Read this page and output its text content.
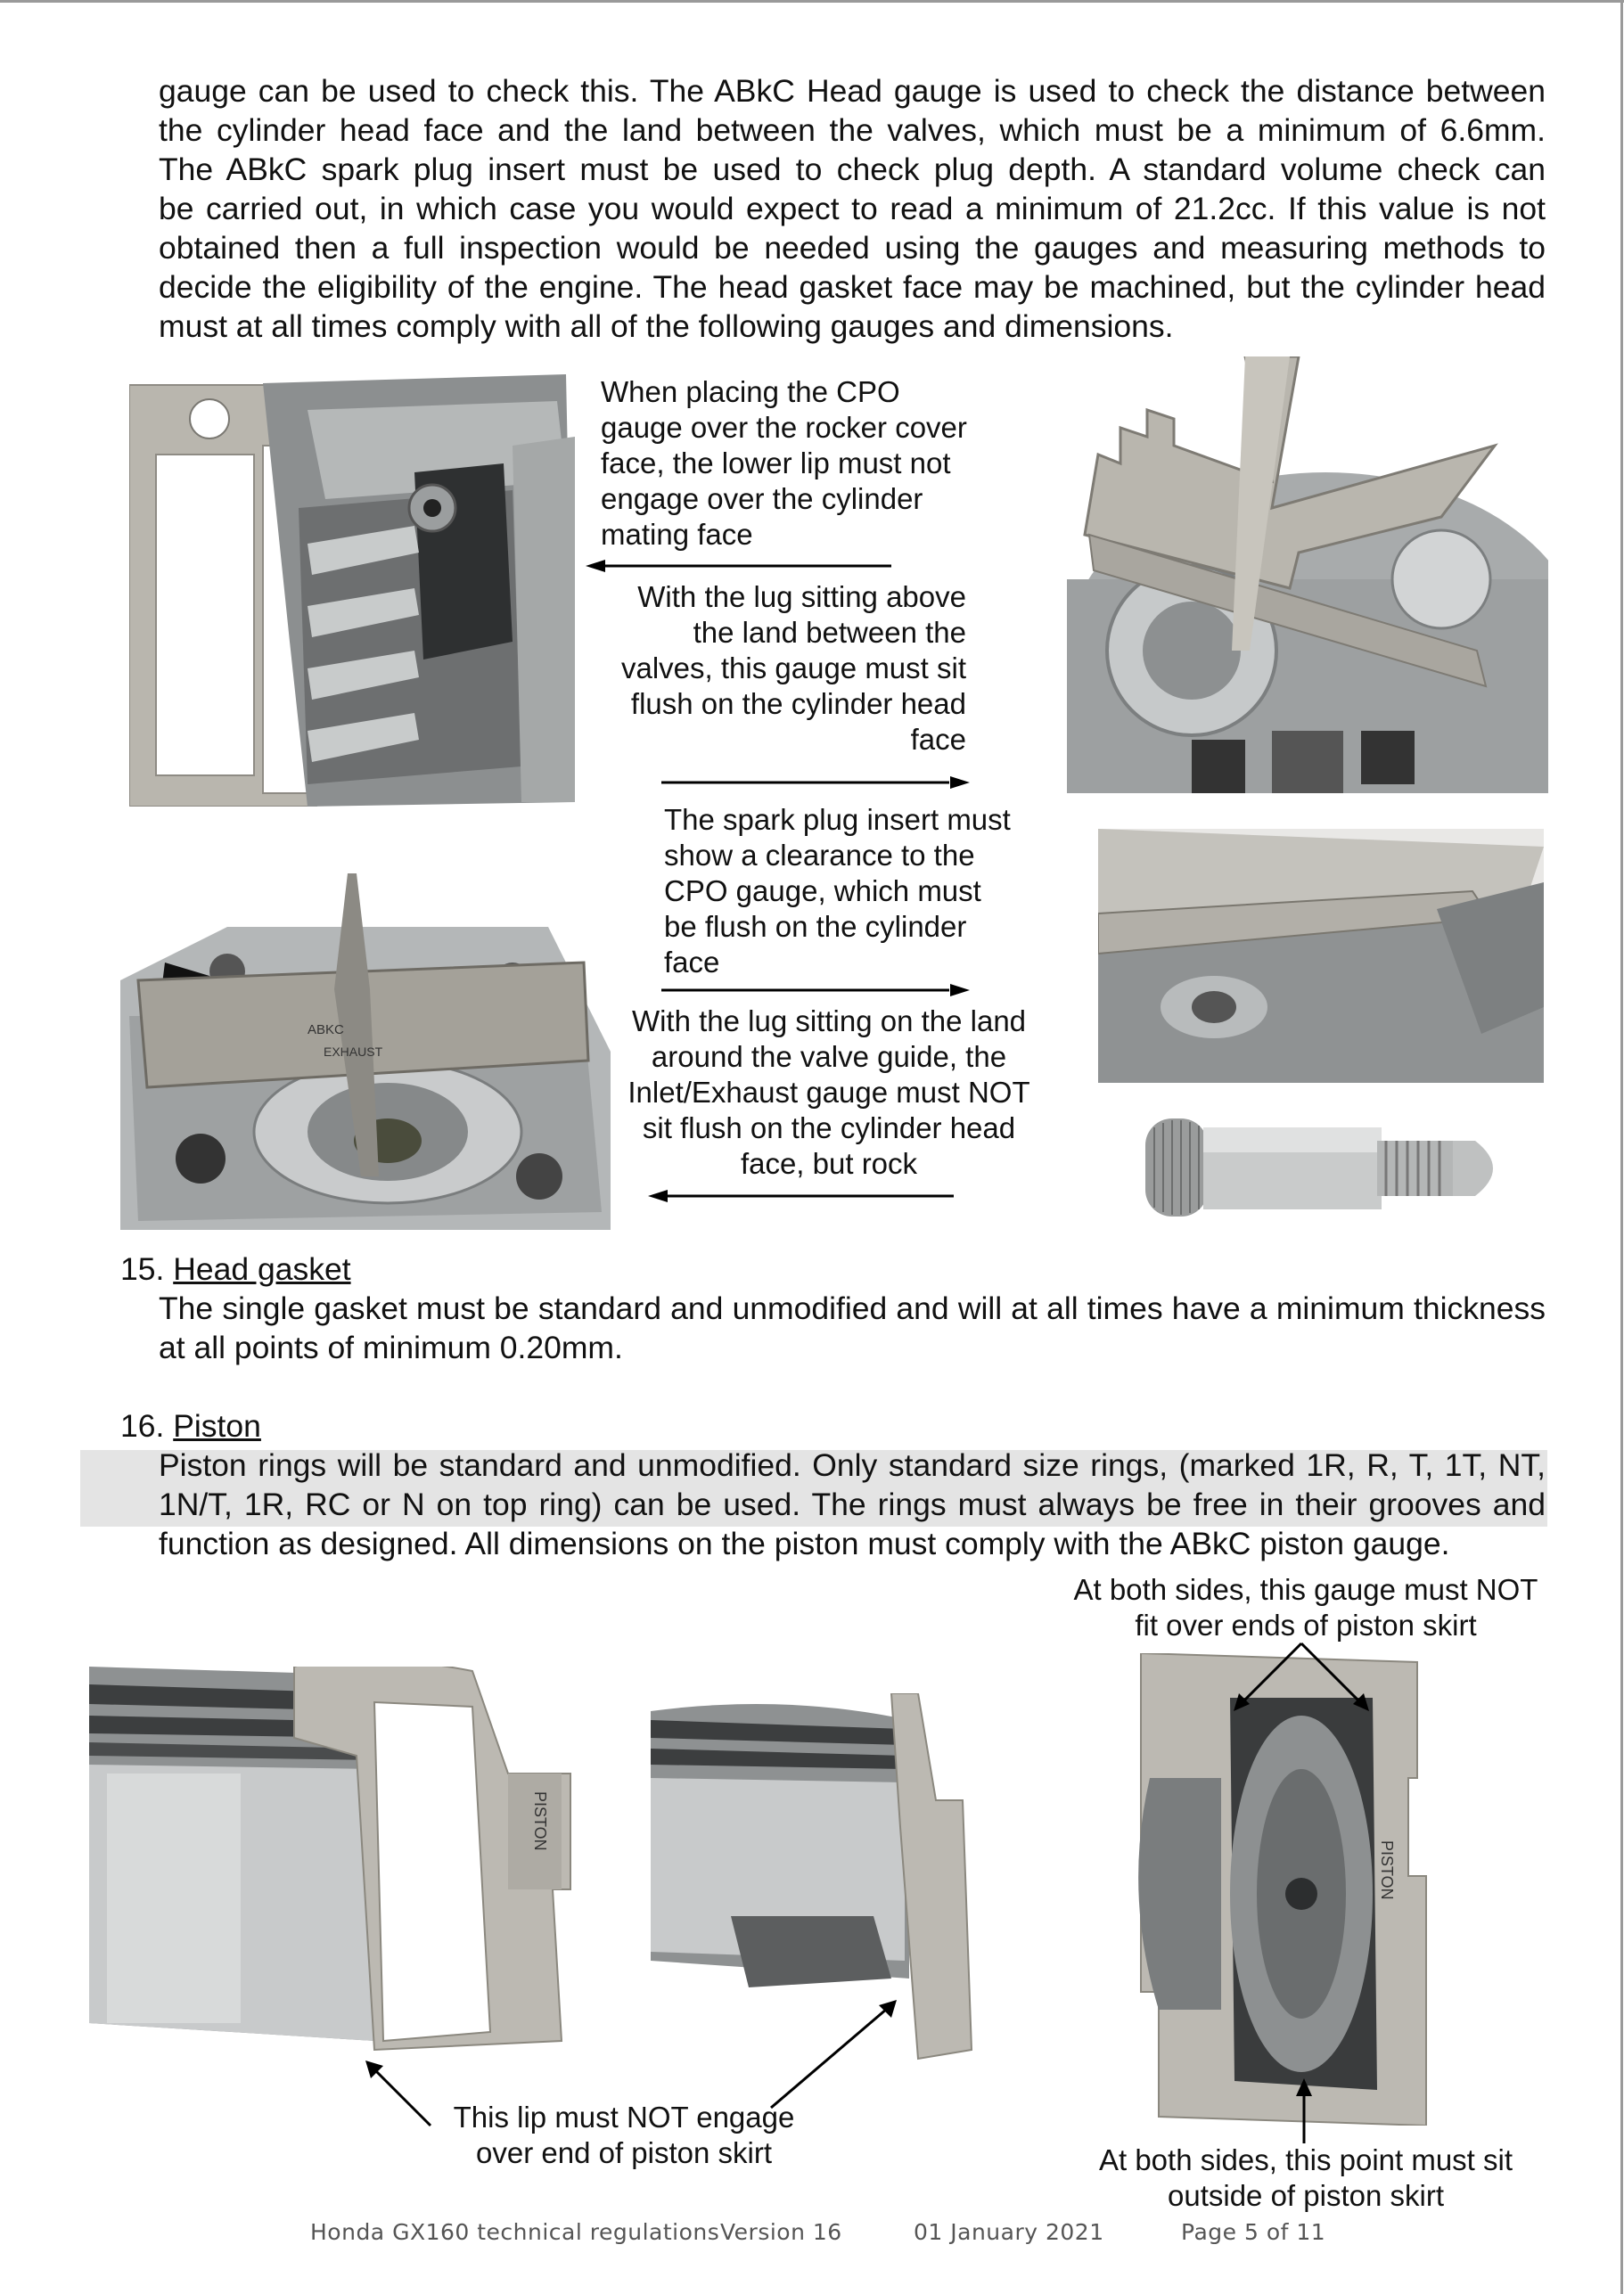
gauge can be used to check this. The ABkC Head gauge is used to check the distance between
the cylinder head face and the land between the valves, which must be a minimum of 6.6mm.
The ABkC spark plug insert must be used to check plug depth. A standard volume check can
be carried out, in which case you would expect to read a minimum of 21.2cc. If this value is not
obtained then a full inspection would be needed using the gauges and measuring methods to
decide the eligibility of the engine. The head gasket face may be machined, but the cylinder head
must at all times comply with all of the following gauges and dimensions.
ABKC
EXHAUST
When placing the CPO
gauge over the rocker cover
face, the lower lip must not
engage over the cylinder
mating face
With the lug sitting above
the land between the
valves, this gauge must sit
flush on the cylinder head
face
The spark plug insert must
show a clearance to the
CPO gauge, which must
be flush on the cylinder
face
With the lug sitting on the land
around the valve guide, the
Inlet/Exhaust gauge must NOT
sit flush on the cylinder head
face, but rock
15. Head gasket
The single gasket must be standard and unmodified and will at all times have a minimum thickness
at all points of minimum 0.20mm.
16. Piston
Piston rings will be standard and unmodified. Only standard size rings, (marked 1R, R, T, 1T, NT,
1N/T, 1R, RC or N on top ring) can be used. The rings must always be free in their grooves and
function as designed. All dimensions on the piston must comply with the ABkC piston gauge.
At both sides, this gauge must NOT
fit over ends of piston skirt
PISTON
PISTON
This lip must NOT engage
over end of piston skirt	At both sides, this point must sit
outside of piston skirt
Honda GX160 technical regulations Version 16	01 January 2021	Page 5 of 11
